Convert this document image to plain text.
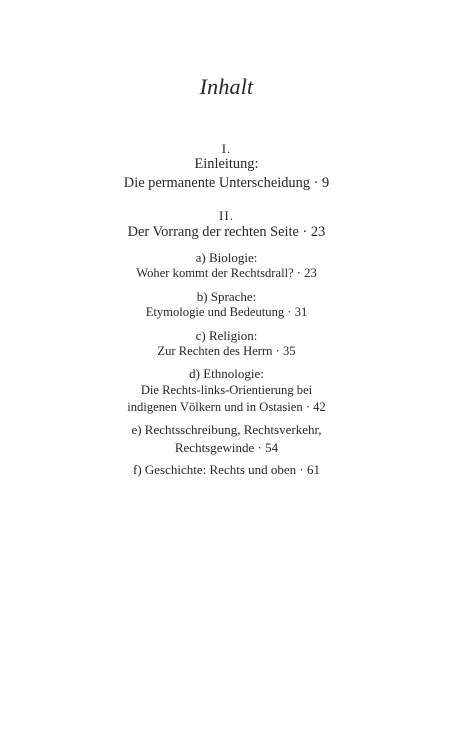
Inhalt
I.
Einleitung:
Die permanente Unterscheidung · 9
II.
Der Vorrang der rechten Seite · 23
a) Biologie:
Woher kommt der Rechtsdrall? · 23
b) Sprache:
Etymologie und Bedeutung · 31
c) Religion:
Zur Rechten des Herrn · 35
d) Ethnologie:
Die Rechts-links-Orientierung bei
indigenen Völkern und in Ostasien · 42
e) Rechtsschreibung, Rechtsverkehr,
Rechtsgewinde · 54
f) Geschichte: Rechts und oben · 61
